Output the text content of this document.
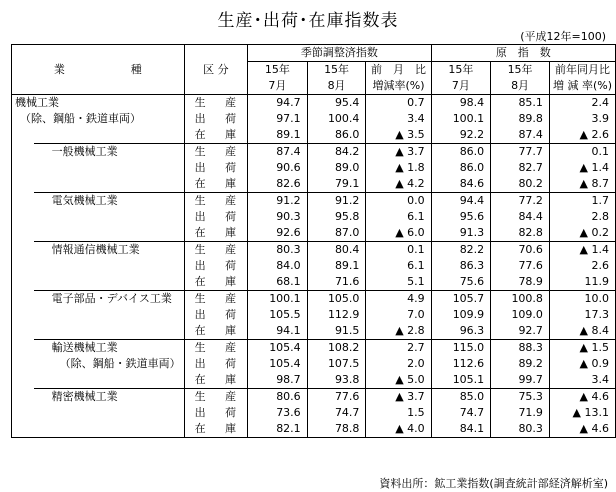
生産･出荷･在庫指数表
(平成12年=100)
業　　　　　　種		区 分	季節調整済指数			原　指　数		
			15年	15年	前　月　比	15年	15年	前年同月比
			7月	8月	増減率(%)	7月	8月	増 減 率(%)
機械工業		生 産	94.7	95.4	0.7	98.4	85.1	2.4
（除、鋼船・鉄道車両）		出 荷	97.1	100.4	3.4	100.1	89.8	3.9
		在 庫	89.1	86.0	▲ 3.5	92.2	87.4	▲ 2.6
	一般機械工業	生 産	87.4	84.2	▲ 3.7	86.0	77.7	0.1
		出 荷	90.6	89.0	▲ 1.8	86.0	82.7	▲ 1.4
		在 庫	82.6	79.1	▲ 4.2	84.6	80.2	▲ 8.7
	電気機械工業	生 産	91.2	91.2	0.0	94.4	77.2	1.7
		出 荷	90.3	95.8	6.1	95.6	84.4	2.8
		在 庫	92.6	87.0	▲ 6.0	91.3	82.8	▲ 0.2
	情報通信機械工業	生 産	80.3	80.4	0.1	82.2	70.6	▲ 1.4
		出 荷	84.0	89.1	6.1	86.3	77.6	2.6
		在 庫	68.1	71.6	5.1	75.6	78.9	11.9
	電子部品・デバイス工業	生 産	100.1	105.0	4.9	105.7	100.8	10.0
		出 荷	105.5	112.9	7.0	109.9	109.0	17.3
		在 庫	94.1	91.5	▲ 2.8	96.3	92.7	▲ 8.4
	輸送機械工業	生 産	105.4	108.2	2.7	115.0	88.3	▲ 1.5
	（除、鋼船・鉄道車両）	出 荷	105.4	107.5	2.0	112.6	89.2	▲ 0.9
		在 庫	98.7	93.8	▲ 5.0	105.1	99.7	3.4
	精密機械工業	生 産	80.6	77.6	▲ 3.7	85.0	75.3	▲ 4.6
		出 荷	73.6	74.7	1.5	74.7	71.9	▲ 13.1
		在 庫	82.1	78.8	▲ 4.0	84.1	80.3	▲ 4.6
資料出所：鉱工業指数(調査統計部経済解析室)
